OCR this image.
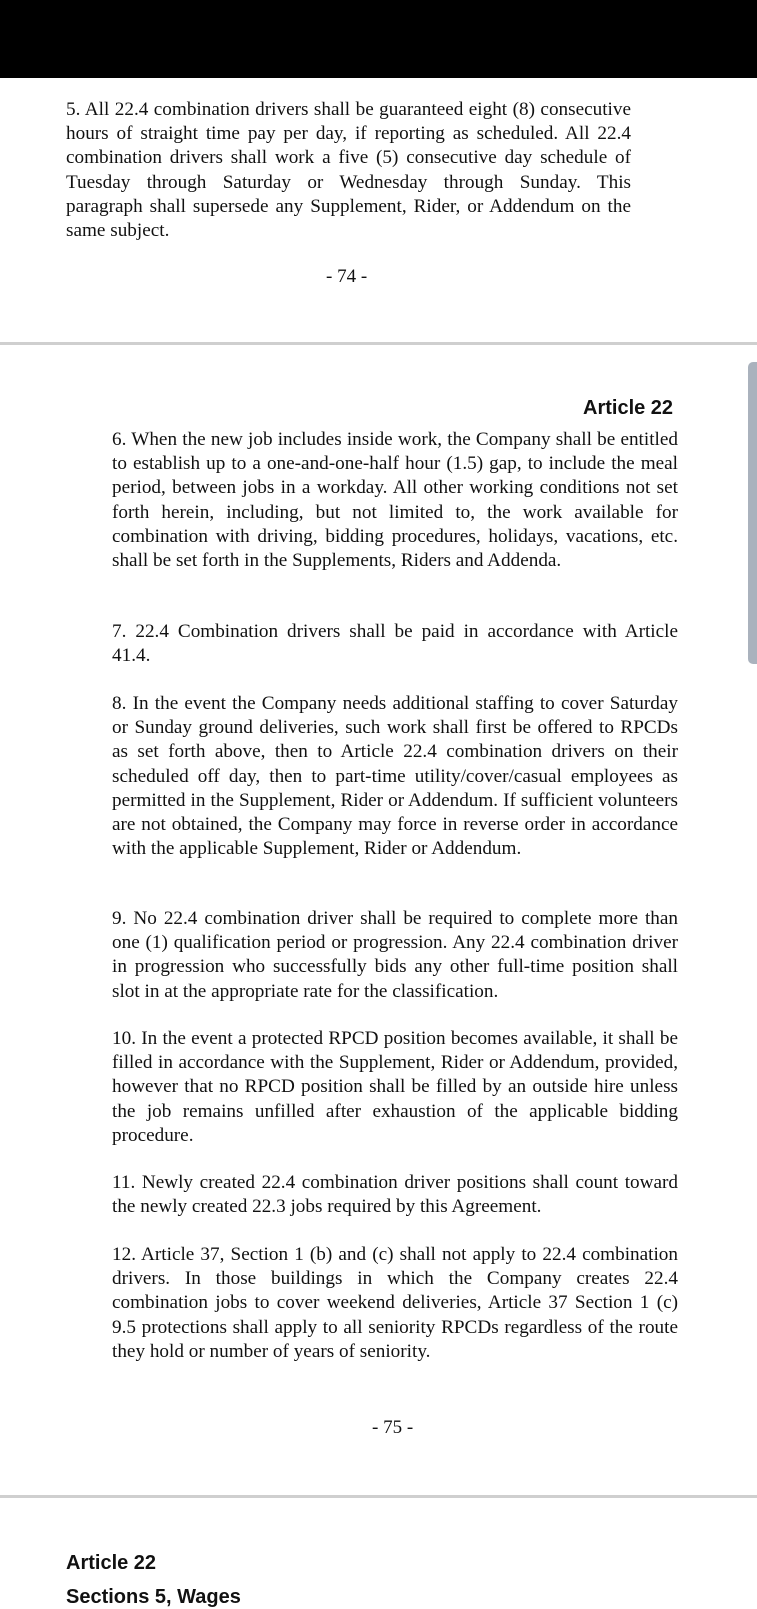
5. All 22.4 combination drivers shall be guaranteed eight (8) consecutive hours of straight time pay per day, if reporting as scheduled. All 22.4 combination drivers shall work a five (5) consecutive day schedule of Tuesday through Saturday or Wednesday through Sunday. This paragraph shall supersede any Supplement, Rider, or Addendum on the same subject.

- 74 -
Article 22

6. When the new job includes inside work, the Company shall be entitled to establish up to a one-and-one-half hour (1.5) gap, to include the meal period, between jobs in a workday. All other working conditions not set forth herein, including, but not limited to, the work available for combination with driving, bidding procedures, holidays, vacations, etc. shall be set forth in the Supplements, Riders and Addenda.

7. 22.4 Combination drivers shall be paid in accordance with Article 41.4.

8. In the event the Company needs additional staffing to cover Saturday or Sunday ground deliveries, such work shall first be offered to RPCDs as set forth above, then to Article 22.4 combination drivers on their scheduled off day, then to part-time utility/cover/casual employees as permitted in the Supplement, Rider or Addendum. If sufficient volunteers are not obtained, the Company may force in reverse order in accordance with the applicable Supplement, Rider or Addendum.

9. No 22.4 combination driver shall be required to complete more than one (1) qualification period or progression. Any 22.4 combination driver in progression who successfully bids any other full-time position shall slot in at the appropriate rate for the classification.

10. In the event a protected RPCD position becomes available, it shall be filled in accordance with the Supplement, Rider or Addendum, provided, however that no RPCD position shall be filled by an outside hire unless the job remains unfilled after exhaustion of the applicable bidding procedure.

11. Newly created 22.4 combination driver positions shall count toward the newly created 22.3 jobs required by this Agreement.

12. Article 37, Section 1 (b) and (c) shall not apply to 22.4 combination drivers. In those buildings in which the Company creates 22.4 combination jobs to cover weekend deliveries, Article 37 Section 1 (c) 9.5 protections shall apply to all seniority RPCDs regardless of the route they hold or number of years of seniority.

- 75 -
Article 22
Sections 5, Wages
